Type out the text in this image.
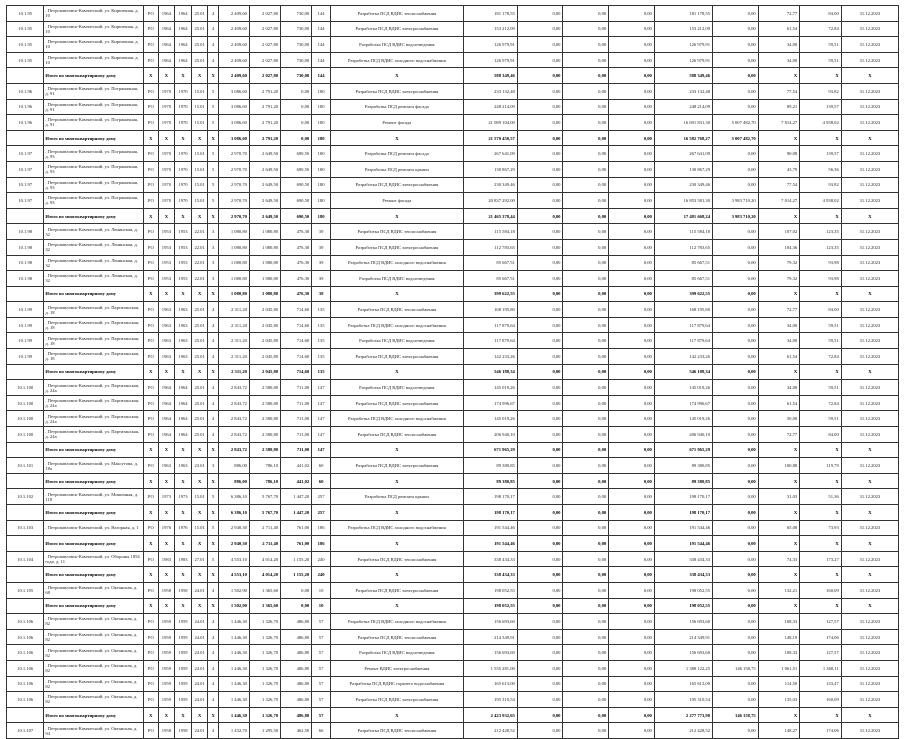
10.1.95	. Петропавловск-Камчатский, ул. Кирпичная, д. 10	РО	1964	1964	25.01	4	2 409,60	2 027,80	730,00	144	Разработка ПСД ВДИС теплоснабжения	181 178,55	0,00	0,00	0,00	181 178,55	0,00	72,77	84,00	31.12.2023
10.1.95	. Петропавловск-Камчатский, ул. Кирпичная, д. 10	РО	1964	1964	25.01	4	2 409,60	2 027,80	730,00	144	Разработка ПСД ВДИС электроснабжения	153 212,09	0,00	0,00	0,00	153 212,09	0,00	61,54	72,84	31.12.2023
10.1.95	. Петропавловск-Камчатский, ул. Кирпичная, д. 10	РО	1964	1964	25.01	4	2 409,60	2 027,80	730,00	144	Разработка ПСД ВДИС водоотведения	126 979,91	0,00	0,00	0,00	126 979,91	0,00	34,00	59,51	31.12.2023
10.1.95	. Петропавловск-Камчатский, ул. Кирпичная, д. 10	РО	1964	1964	25.01	4	2 409,60	2 027,80	730,00	144	Разработка ПСД ВДИС холодного водоснабжения	126 979,91	0,00	0,00	0,00	126 979,91	0,00	34,00	59,51	31.12.2023
	Итого по многоквартирному дому	X	X	X	X	X	2 409,60	2 027,80	730,00	144	X	588 349,46	0,00	0,00	0,00	588 349,46	0,00	X	X	X
10.1.96	. Петропавловск-Камчатский, ул. Пограничная, д. 91	РО	1970	1970	15.01	5	3 086,60	2 791,20	0,00	180	Разработка ПСД ВДИС электроснабжения	233 132,48	0,00	0,00	0,00	233 132,48	0,00	77,54	93,82	31.12.2023
10.1.96	. Петропавловск-Камчатский, ул. Пограничная, д. 91	РО	1970	1970	15.01	5	3 086,60	2 791,20	0,00	180	Разработка ПСД ремонта фасада	248 214,09	0,00	0,00	0,00	248 214,09	0,00	89,21	139,57	31.12.2023
10.1.96	. Петропавловск-Камчатский, ул. Пограничная, д. 91	РО	1970	1970	15.01	5	3 086,60	2 791,20	0,00	180	Ремонт фасада	21 089 104,00	0,00	0,00	0,00	16 691 831,30	5 007 482,70	7 814,27	4 938,02	31.12.2023
	Итого по многоквартирному дому	X	X	X	X	X	3 086,60	2 791,20	0,00	180	X	21 570 450,57	0,00	0,00	0,00	16 582 768,27	5 007 482,70	X	X	X
10.1.97	. Петропавловск-Камчатский, ул. Пограничная, д. 93	РО	1970	1970	15.01	5	2 970,70	2 649,50	690,50	180	Разработка ПСД ремонта фасада	267 641,09	0,00	0,00	0,00	267 641,09	0,00	90,08	139,57	31.12.2023
10.1.97	. Петропавловск-Камчатский, ул. Пограничная, д. 93	РО	1970	1970	15.01	5	2 970,70	2 649,50	690,50	180	Разработка ПСД ремонта крыши	130 867,29	0,00	0,00	0,00	130 867,29	0,00	43,79	56,36	31.12.2023
10.1.97	. Петропавловск-Камчатский, ул. Пограничная, д. 93	РО	1970	1970	15.01	5	2 970,70	2 649,50	690,50	180	Разработка ПСД ВДИС электроснабжения	230 349,46	0,00	0,00	0,00	230 349,46	0,00	77,54	93,82	31.12.2023
10.1.97	. Петропавловск-Камчатский, ул. Пограничная, д. 93	РО	1970	1970	15.01	5	2 970,70	2 649,50	690,50	180	Ремонт фасада	20 837 292,00	0,00	0,00	0,00	16 853 581,30	3 983 710,20	7 014,27	4 938,02	31.12.2023
	Итого по многоквартирному дому	X	X	X	X	X	2 970,70	2 649,50	690,50	180	X	21 465 378,44	0,00	0,00	0,00	17 481 668,24	3 983 710,20	X	X	X
10.1.98	. Петропавловск-Камчатский, ул. Ленинская, д. 32	РО	1953	1953	22.01	3	1 080,80	1 080,80	476,30	39	Разработка ПСД ВДИС теплоснабжения	115 584,18	0,00	0,00	0,00	115 584,18	0,00	107,02	123,35	31.12.2023
10.1.98	. Петропавловск-Камчатский, ул. Ленинская, д. 32	РО	1953	1953	22.01	3	1 080,80	1 080,80	476,30	39	Разработка ПСД ВДИС электроснабжения	112 783,65	0,00	0,00	0,00	112 783,65	0,00	104,36	123,35	31.12.2023
10.1.98	. Петропавловск-Камчатский, ул. Ленинская, д. 32	РО	1953	1953	22.01	3	1 080,80	1 080,80	476,30	39	Разработка ПСД ВДИС холодного водоснабжения	85 667,51	0,00	0,00	0,00	85 667,51	0,00	79,32	93,98	31.12.2023
10.1.98	. Петропавловск-Камчатский, ул. Ленинская, д. 32	РО	1953	1953	22.01	3	1 080,80	1 080,80	476,30	39	Разработка ПСД ВДИС водоотведения	85 667,51	0,00	0,00	0,00	85 667,51	0,00	79,32	93,98	31.12.2023
	Итого по многоквартирному дому	X	X	X	X	X	1 080,80	1 080,80	476,30	39	X	399 622,55	0,00	0,00	0,00	399 622,55	0,00	X	X	X
10.1.99	. Петропавловск-Камчатский, ул. Партизанская, д. 18	РО	1963	1963	25.01	4	2 311,20	2 045,80	714,60	135	Разработка ПСД ВДИС теплоснабжения	168 195,80	0,00	0,00	0,00	168 195,80	0,00	72,77	84,00	31.12.2023
10.1.99	. Петропавловск-Камчатский, ул. Партизанская, д. 18	РО	1963	1963	25.01	4	2 311,20	2 045,80	714,60	135	Разработка ПСД ВДИС холодного водоснабжения	117 879,64	0,00	0,00	0,00	117 879,64	0,00	34,00	59,51	31.12.2023
10.1.99	. Петропавловск-Камчатский, ул. Партизанская, д. 18	РО	1963	1963	25.01	4	2 311,20	2 045,80	714,60	135	Разработка ПСД ВДИС водоотведения	117 879,64	0,00	0,00	0,00	117 879,64	0,00	34,00	59,51	31.12.2023
10.1.99	. Петропавловск-Камчатский, ул. Партизанская, д. 18	РО	1963	1963	25.01	4	2 311,20	2 045,80	714,60	135	Разработка ПСД ВДИС электроснабжения	142 233,26	0,00	0,00	0,00	142 233,26	0,00	61,54	72,84	31.12.2023
	Итого по многоквартирному дому	X	X	X	X	X	2 311,20	2 045,80	714,60	135	X	546 188,34	0,00	0,00	0,00	546 188,34	0,00	X	X	X
10.1.100	. Петропавловск-Камчатский, ул. Партизанская, д. 24а	РО	1964	1964	25.01	4	2 843,72	2 580,80	711,00	147	Разработка ПСД ВДИС водоотведения	145 019,26	0,00	0,00	0,00	145 019,26	0,00	34,00	59,51	31.12.2023
10.1.100	. Петропавловск-Камчатский, ул. Партизанская, д. 24а	РО	1964	1964	25.01	4	2 843,72	2 580,80	711,00	147	Разработка ПСД ВДИС электроснабжения	174 996,67	0,00	0,00	0,00	174 996,67	0,00	61,54	72,84	31.12.2023
10.1.100	. Петропавловск-Камчатский, ул. Партизанская, д. 24а	РО	1964	1964	25.01	4	2 843,72	2 580,80	711,00	147	Разработка ПСД ВДИС холодного водоснабжения	145 019,26	0,00	0,00	0,00	145 019,26	0,00	50,00	59,51	31.12.2023
10.1.100	. Петропавловск-Камчатский, ул. Партизанская, д. 24а	РО	1964	1964	25.01	4	2 843,72	2 580,80	711,00	147	Разработка ПСД ВДИС теплоснабжения	206 940,10	0,00	0,00	0,00	206 940,10	0,00	72,77	84,00	31.12.2023
	Итого по многоквартирному дому	X	X	X	X	X	2 843,72	2 580,80	711,00	147	X	671 965,29	0,00	0,00	0,00	671 965,29	0,00	X	X	X
10.1.101	. Петропавловск-Камчатский, ул. Максутова, д. 18а	РО	1963	1963	23.01	3	886,00	786,10	441,02	60	Разработка ПСД ВДИС электроснабжения	89 380,85	0,00	0,00	0,00	89 380,85	0,00	100,88	119,79	31.12.2023
	Итого по многоквартирному дому	X	X	X	X	X	886,00	786,10	441,02	60	X	89 380,85	0,00	0,00	0,00	89 380,85	0,00	X	X	X
10.1.102	. Петропавловск-Камчатский, ул. Мишенная, д. 118	РО	1973	1973	15.01	5	6 386,10	5 767,70	1 447,20	257	Разработка ПСД ремонта крыши	198 170,17	0,00	0,00	0,00	198 170,17	0,00	31,03	51,36	31.12.2023
	Итого по многоквартирному дому	X	X	X	X	X	6 386,10	5 767,70	1 447,20	257	X	198 170,17	0,00	0,00	0,00	198 170,17	0,00	X	X	X
10.1.103	. Петропавловск-Камчатский, ул. Нагорная, д. 1	РО	1976	1976	15.01	5	2 940,30	2 711,40	761,00	186	Разработка ПСД ВДИС холодного водоснабжения	191 544,46	0,00	0,00	0,00	191 544,46	0,00	65,08	73,93	31.12.2023
	Итого по многоквартирному дому	X	X	X	X	X	2 940,30	2 711,40	761,00	186	X	191 544,46	0,00	0,00	0,00	191 544,46	0,00	X	X	X
10.1.104	. Петропавловск-Камчатский, ул. Обороны 1854 года, д. 11	РО	1983	1983	27.01	5	4 553,10	4 014,20	1 155,20	240	Разработка ПСД ВДИС теплоснабжения	338 434,33	0,00	0,00	0,00	338 434,33	0,00	74,33	173,27	31.12.2023
	Итого по многоквартирному дому	X	X	X	X	X	4 553,10	4 014,20	1 155,20	240	X	338 434,33	0,00	0,00	0,00	338 434,33	0,00	X	X	X
10.1.105	. Петропавловск-Камчатский, ул. Океанская, д. 68	РО	1958	1958	24.01	4	1 502,90	1 365,60	0,00	10	Разработка ПСД ВДИС электроснабжения	198 052,55	0,00	0,00	0,00	198 052,55	0,00	132,21	160,09	31.12.2023
	Итого по многоквартирному дому	X	X	X	X	X	1 502,90	1 365,60	0,00	10	X	198 052,55	0,00	0,00	0,00	198 052,55	0,00	X	X	X
10.1.106	. Петропавловск-Камчатский, ул. Океанская, д. 82	РО	1959	1959	24.01	4	1 446,30	1 326,70	486,80	57	Разработка ПСД ВДИС холодного водоснабжения	156 693,60	0,00	0,00	0,00	156 693,60	0,00	108,33	127,57	31.12.2023
10.1.106	. Петропавловск-Камчатский, ул. Океанская, д. 82	РО	1959	1959	24.01	4	1 446,30	1 326,70	486,80	57	Разработка ПСД ВДИС теплоснабжения	214 349,91	0,00	0,00	0,00	214 349,91	0,00	148,19	174,06	31.12.2023
10.1.106	. Петропавловск-Камчатский, ул. Океанская, д. 82	РО	1959	1959	24.01	4	1 446,30	1 326,70	486,80	57	Разработка ПСД ВДИС водоотведения	156 693,60	0,00	0,00	0,00	156 693,60	0,00	108,33	127,57	31.12.2023
10.1.106	. Петропавловск-Камчатский, ул. Океанская, д. 82	РО	1959	1959	24.01	4	1 446,30	1 326,70	486,80	57	Ремонт ВДИС электроснабжения	1 535 281,00	0,00	0,00	0,00	1 388 122,25	146 158,75	1 061,51	1 360,11	31.12.2023
10.1.106	. Петропавловск-Камчатский, ул. Океанская, д. 82	РО	1959	1959	24.01	4	1 446,30	1 326,70	486,80	57	Разработка ПСД ВДИС горячего водоснабжения	165 613,00	0,00	0,00	0,00	165 613,00	0,00	114,50	133,47	31.12.2023
10.1.106	. Петропавловск-Камчатский, ул. Океанская, д. 82	РО	1959	1959	24.01	4	1 446,30	1 326,70	486,80	57	Разработка ПСД ВДИС электроснабжения	195 310,54	0,00	0,00	0,00	195 310,54	0,00	135,03	160,09	31.12.2023
	Итого по многоквартирному дому	X	X	X	X	X	1 446,30	1 326,70	486,80	57	X	2 423 932,65	0,00	0,00	0,00	2 277 773,90	146 158,75	X	X	X
10.1.107	. Петропавловск-Камчатский, ул. Океанская, д. 94	РО	1958	1958	24.01	4	1 432,70	1 295,50	462,50	66	Разработка ПСД ВДИС теплоснабжения	212 428,52	0,00	0,00	0,00	212 428,52	0,00	148,27	174,06	31.12.2023
